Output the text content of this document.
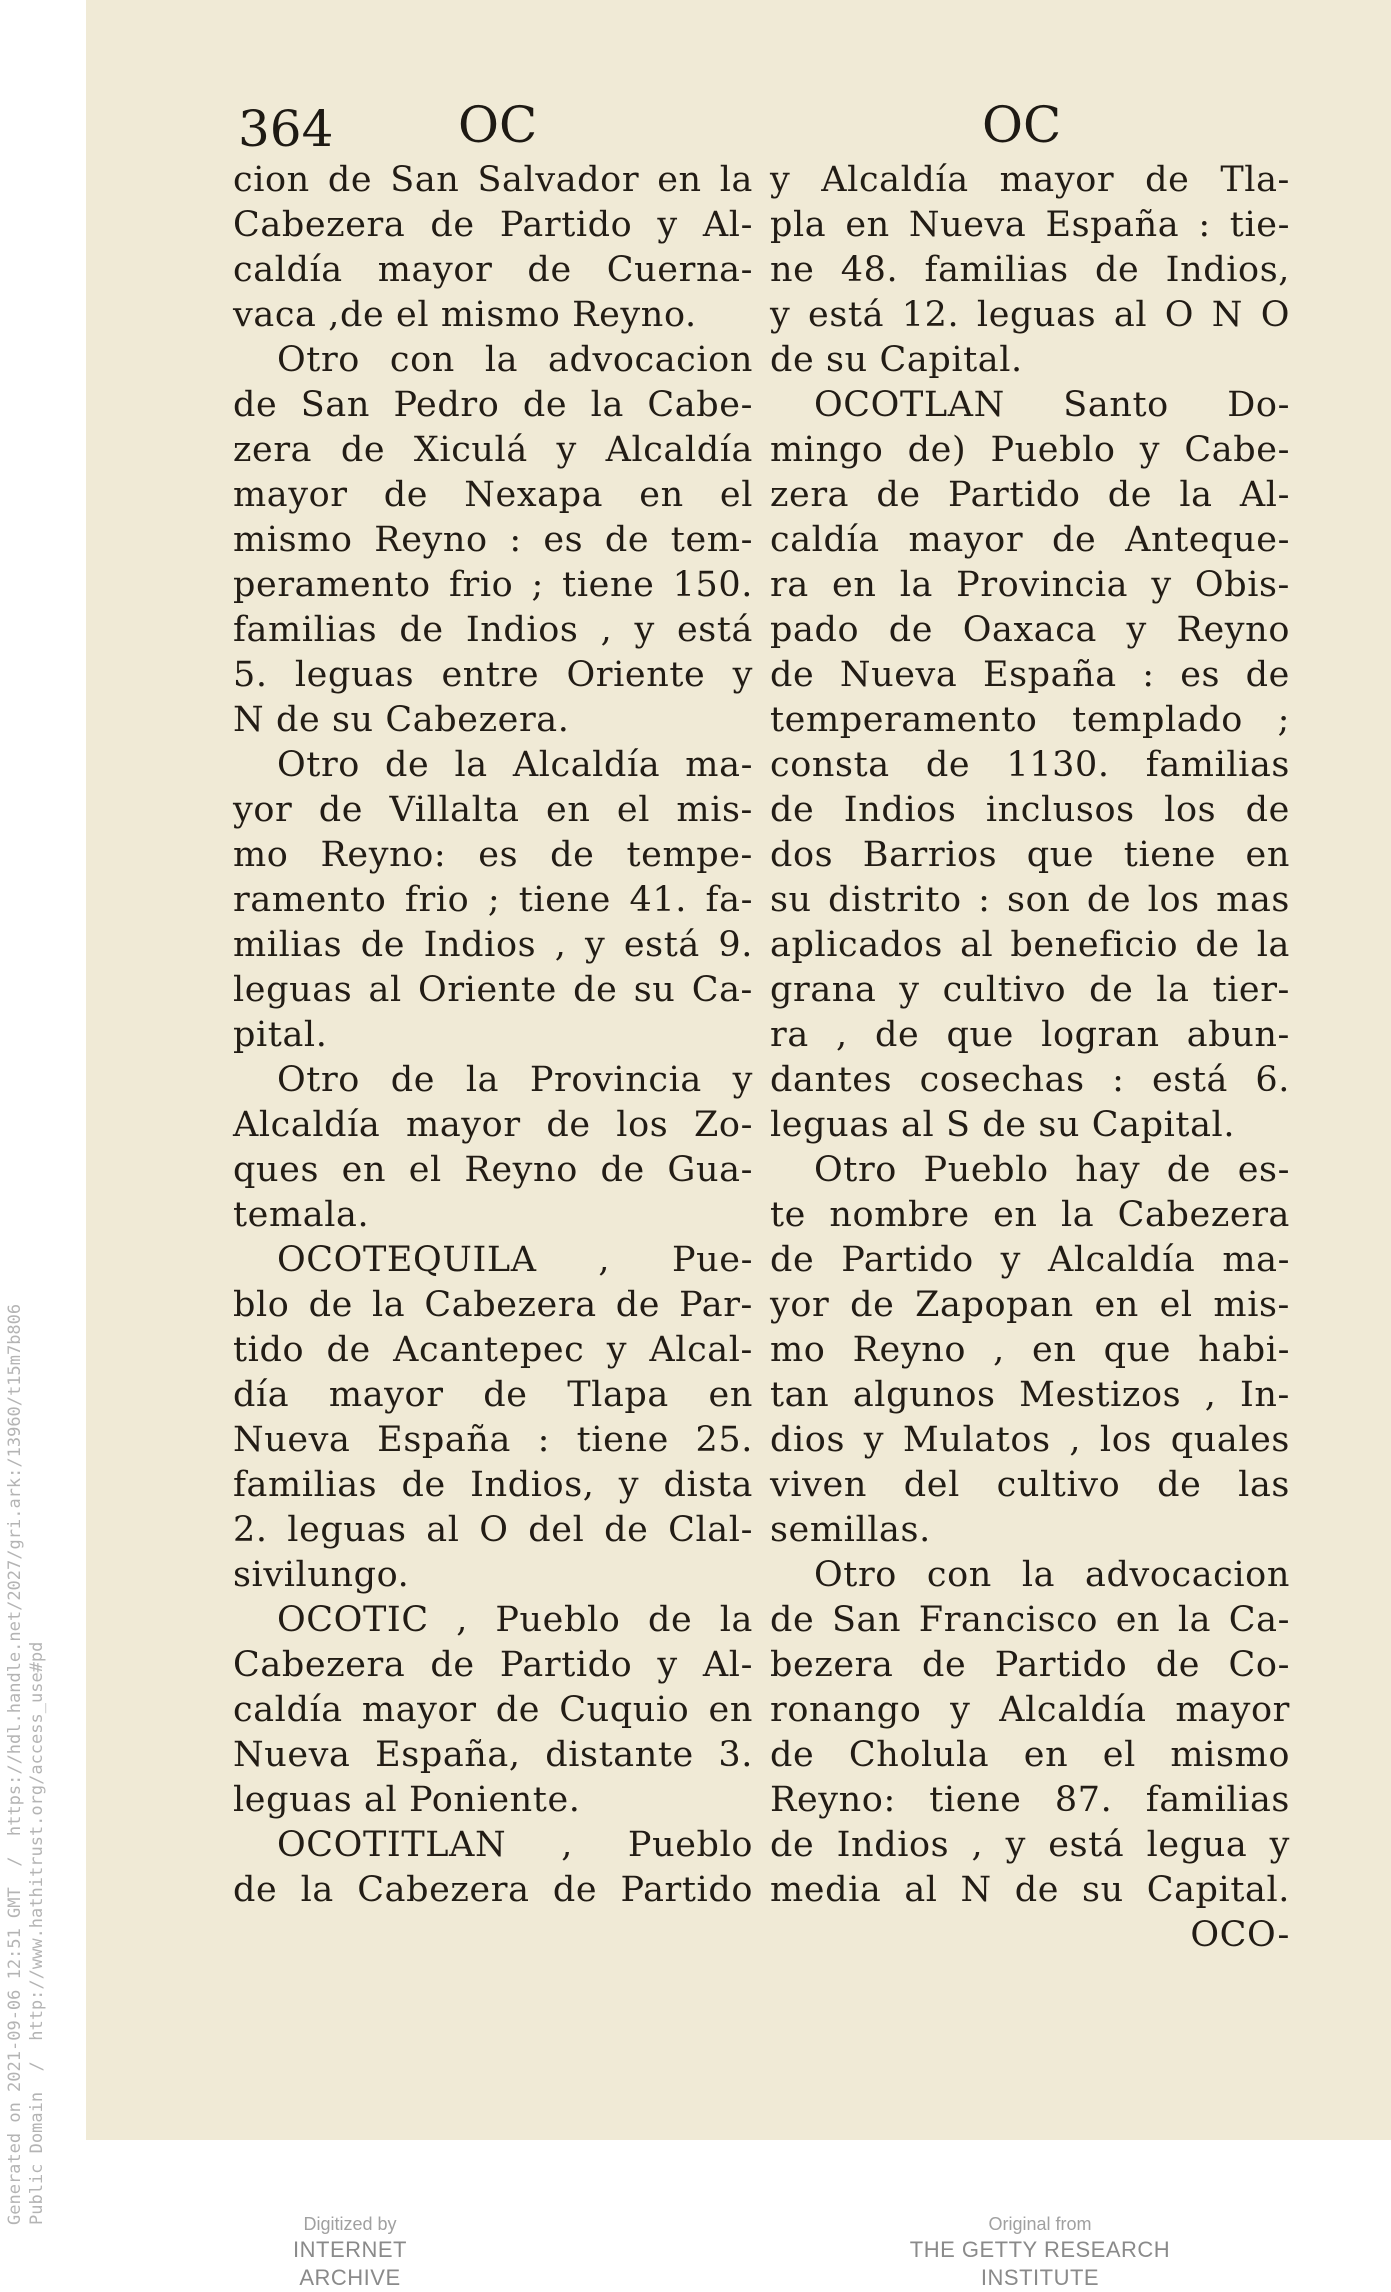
Generated on 2021-09-06 12:51 GMT  /  https://hdl.handle.net/2027/gri.ark:/13960/t15m7b806 Public Domain  /  http://www.hathitrust.org/access_use#pd
364 OC	OC
cion de San Salvador en la
Cabezera de Partido y Al-
caldía mayor de Cuerna-
vaca ,de el mismo Reyno.
Otro con la advocacion
de San Pedro de la Cabe-
zera de Xiculá y Alcaldía
mayor de Nexapa en el
mismo Reyno : es de tem-
peramento frio ; tiene 150.
familias de Indios , y está
5. leguas entre Oriente y
N de su Cabezera.
Otro de la Alcaldía ma-
yor de Villalta en el mis-
mo Reyno: es de tempe-
ramento frio ; tiene 41. fa-
milias de Indios , y está 9.
leguas al Oriente de su Ca-
pital.
Otro de la Provincia y
Alcaldía mayor de los Zo-
ques en el Reyno de Gua-
temala.
OCOTEQUILA , Pue-
blo de la Cabezera de Par-
tido de Acantepec y Alcal-
día mayor de Tlapa en
Nueva España : tiene 25.
familias de Indios, y dista
2. leguas al O del de Clal-
sivilungo.
OCOTIC , Pueblo de la
Cabezera de Partido y Al-
caldía mayor de Cuquio en
Nueva España, distante 3.
leguas al Poniente.
OCOTITLAN , Pueblo
de la Cabezera de Partido
y Alcaldía mayor de Tla-
pla en Nueva España : tie-
ne 48. familias de Indios,
y está 12. leguas al O N O
de su Capital.
OCOTLAN Santo Do-
mingo de) Pueblo y Cabe-
zera de Partido de la Al-
caldía mayor de Anteque-
ra en la Provincia y Obis-
pado de Oaxaca y Reyno
de Nueva España : es de
temperamento templado ;
consta de 1130. familias
de Indios inclusos los de
dos Barrios que tiene en
su distrito : son de los mas
aplicados al beneficio de la
grana y cultivo de la tier-
ra , de que logran abun-
dantes cosechas : está 6.
leguas al S de su Capital.
Otro Pueblo hay de es-
te nombre en la Cabezera
de Partido y Alcaldía ma-
yor de Zapopan en el mis-
mo Reyno , en que habi-
tan algunos Mestizos , In-
dios y Mulatos , los quales
viven del cultivo de las
semillas.
Otro con la advocacion
de San Francisco en la Ca-
bezera de Partido de Co-
ronango y Alcaldía mayor
de Cholula en el mismo
Reyno: tiene 87. familias
de Indios , y está legua y
media al N de su Capital.
OCO-
Digitized by
INTERNET ARCHIVE
Original from
THE GETTY RESEARCH INSTITUTE
